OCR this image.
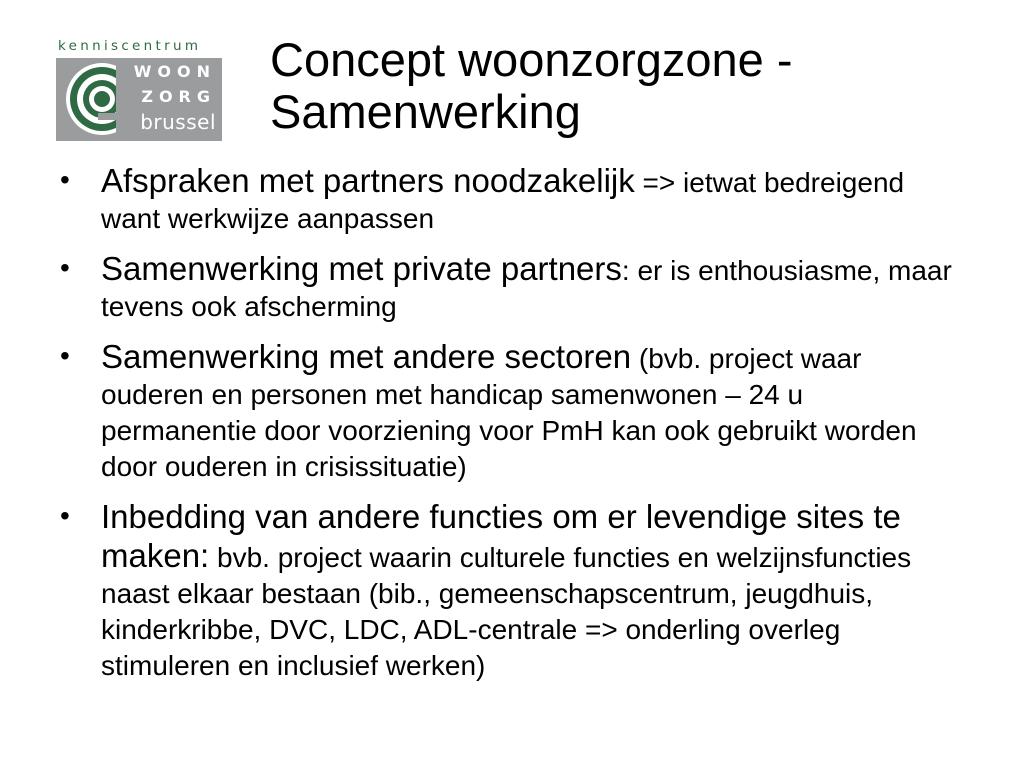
kenniscentrum
WOON
ZORG
brussel
Concept woonzorgzone -
Samenwerking
• Afspraken met partners noodzakelijk => ietwat bedreigend want werkwijze aanpassen
• Samenwerking met private partners: er is enthousiasme, maar tevens ook afscherming
• Samenwerking met andere sectoren (bvb. project waar ouderen en personen met handicap samenwonen – 24 u permanentie door voorziening voor PmH kan ook gebruikt worden door ouderen in crisissituatie)
• Inbedding van andere functies om er levendige sites te maken: bvb. project waarin culturele functies en welzijnsfuncties naast elkaar bestaan (bib., gemeenschapscentrum, jeugdhuis, kinderkribbe, DVC, LDC, ADL-centrale => onderling overleg stimuleren en inclusief werken)
